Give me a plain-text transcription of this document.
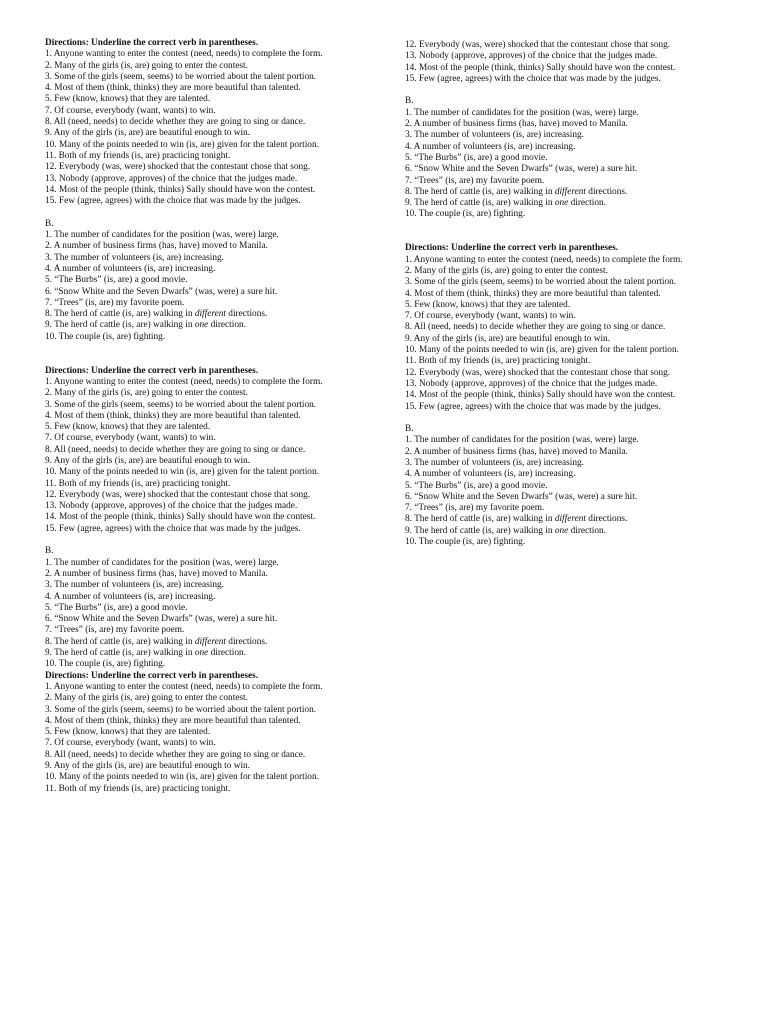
Directions: Underline the correct verb in parentheses.

1. Anyone wanting to enter the contest (need, needs) to complete the form.

2. Many of the girls (is, are) going to enter the contest.

3. Some of the girls (seem, seems) to be worried about the talent portion.

4. Most of them (think, thinks) they are more beautiful than talented.

5. Few (know, knows) that they are talented.

7. Of course, everybody (want, wants) to win.

8. All (need, needs) to decide whether they are going to sing or dance.

9. Any of the girls (is, are) are beautiful enough to win.

10. Many of the points needed to win (is, are) given for the talent portion.

11. Both of my friends (is, are) practicing tonight.

12. Everybody (was, were) shocked that the contestant chose that song.

13. Nobody (approve, approves) of the choice that the judges made.

14. Most of the people (think, thinks) Sally should have won the contest.

15. Few (agree, agrees) with the choice that was made by the judges.

B.

1. The number of candidates for the position (was, were) large.

2. A number of business firms (has, have) moved to Manila.

3. The number of volunteers (is, are) increasing.

4. A number of volunteers (is, are) increasing.

5. “The Burbs” (is, are) a good movie.

6. “Snow White and the Seven Dwarfs” (was, were) a sure hit.

7. “Trees” (is, are) my favorite poem.

8. The herd of cattle (is, are) walking in different directions.

9. The herd of cattle (is, are) walking in one direction.

10. The couple (is, are) fighting.

Directions: Underline the correct verb in parentheses.

1. Anyone wanting to enter the contest (need, needs) to complete the form.

2. Many of the girls (is, are) going to enter the contest.

3. Some of the girls (seem, seems) to be worried about the talent portion.

4. Most of them (think, thinks) they are more beautiful than talented.

5. Few (know, knows) that they are talented.

7. Of course, everybody (want, wants) to win.

8. All (need, needs) to decide whether they are going to sing or dance.

9. Any of the girls (is, are) are beautiful enough to win.

10. Many of the points needed to win (is, are) given for the talent portion.

11. Both of my friends (is, are) practicing tonight.

12. Everybody (was, were) shocked that the contestant chose that song.

13. Nobody (approve, approves) of the choice that the judges made.

14. Most of the people (think, thinks) Sally should have won the contest.

15. Few (agree, agrees) with the choice that was made by the judges.

B.

1. The number of candidates for the position (was, were) large.

2. A number of business firms (has, have) moved to Manila.

3. The number of volunteers (is, are) increasing.

4. A number of volunteers (is, are) increasing.

5. “The Burbs” (is, are) a good movie.

6. “Snow White and the Seven Dwarfs” (was, were) a sure hit.

7. “Trees” (is, are) my favorite poem.

8. The herd of cattle (is, are) walking in different directions.

9. The herd of cattle (is, are) walking in one direction.

10. The couple (is, are) fighting.

Directions: Underline the correct verb in parentheses.

1. Anyone wanting to enter the contest (need, needs) to complete the form.

2. Many of the girls (is, are) going to enter the contest.

3. Some of the girls (seem, seems) to be worried about the talent portion.

4. Most of them (think, thinks) they are more beautiful than talented.

5. Few (know, knows) that they are talented.

7. Of course, everybody (want, wants) to win.

8. All (need, needs) to decide whether they are going to sing or dance.

9. Any of the girls (is, are) are beautiful enough to win.

10. Many of the points needed to win (is, are) given for the talent portion.

11. Both of my friends (is, are) practicing tonight.

12. Everybody (was, were) shocked that the contestant chose that song.

13. Nobody (approve, approves) of the choice that the judges made.

14. Most of the people (think, thinks) Sally should have won the contest.

15. Few (agree, agrees) with the choice that was made by the judges.

B.

1. The number of candidates for the position (was, were) large.

2. A number of business firms (has, have) moved to Manila.

3. The number of volunteers (is, are) increasing.

4. A number of volunteers (is, are) increasing.

5. “The Burbs” (is, are) a good movie.

6. “Snow White and the Seven Dwarfs” (was, were) a sure hit.

7. “Trees” (is, are) my favorite poem.

8. The herd of cattle (is, are) walking in different directions.

9. The herd of cattle (is, are) walking in one direction.

10. The couple (is, are) fighting.

Directions: Underline the correct verb in parentheses.

1. Anyone wanting to enter the contest (need, needs) to complete the form.

2. Many of the girls (is, are) going to enter the contest.

3. Some of the girls (seem, seems) to be worried about the talent portion.

4. Most of them (think, thinks) they are more beautiful than talented.

5. Few (know, knows) that they are talented.

7. Of course, everybody (want, wants) to win.

8. All (need, needs) to decide whether they are going to sing or dance.

9. Any of the girls (is, are) are beautiful enough to win.

10. Many of the points needed to win (is, are) given for the talent portion.

11. Both of my friends (is, are) practicing tonight.

12. Everybody (was, were) shocked that the contestant chose that song.

13. Nobody (approve, approves) of the choice that the judges made.

14. Most of the people (think, thinks) Sally should have won the contest.

15. Few (agree, agrees) with the choice that was made by the judges.

B.

1. The number of candidates for the position (was, were) large.

2. A number of business firms (has, have) moved to Manila.

3. The number of volunteers (is, are) increasing.

4. A number of volunteers (is, are) increasing.

5. “The Burbs” (is, are) a good movie.

6. “Snow White and the Seven Dwarfs” (was, were) a sure hit.

7. “Trees” (is, are) my favorite poem.

8. The herd of cattle (is, are) walking in different directions.

9. The herd of cattle (is, are) walking in one direction.

10. The couple (is, are) fighting.
